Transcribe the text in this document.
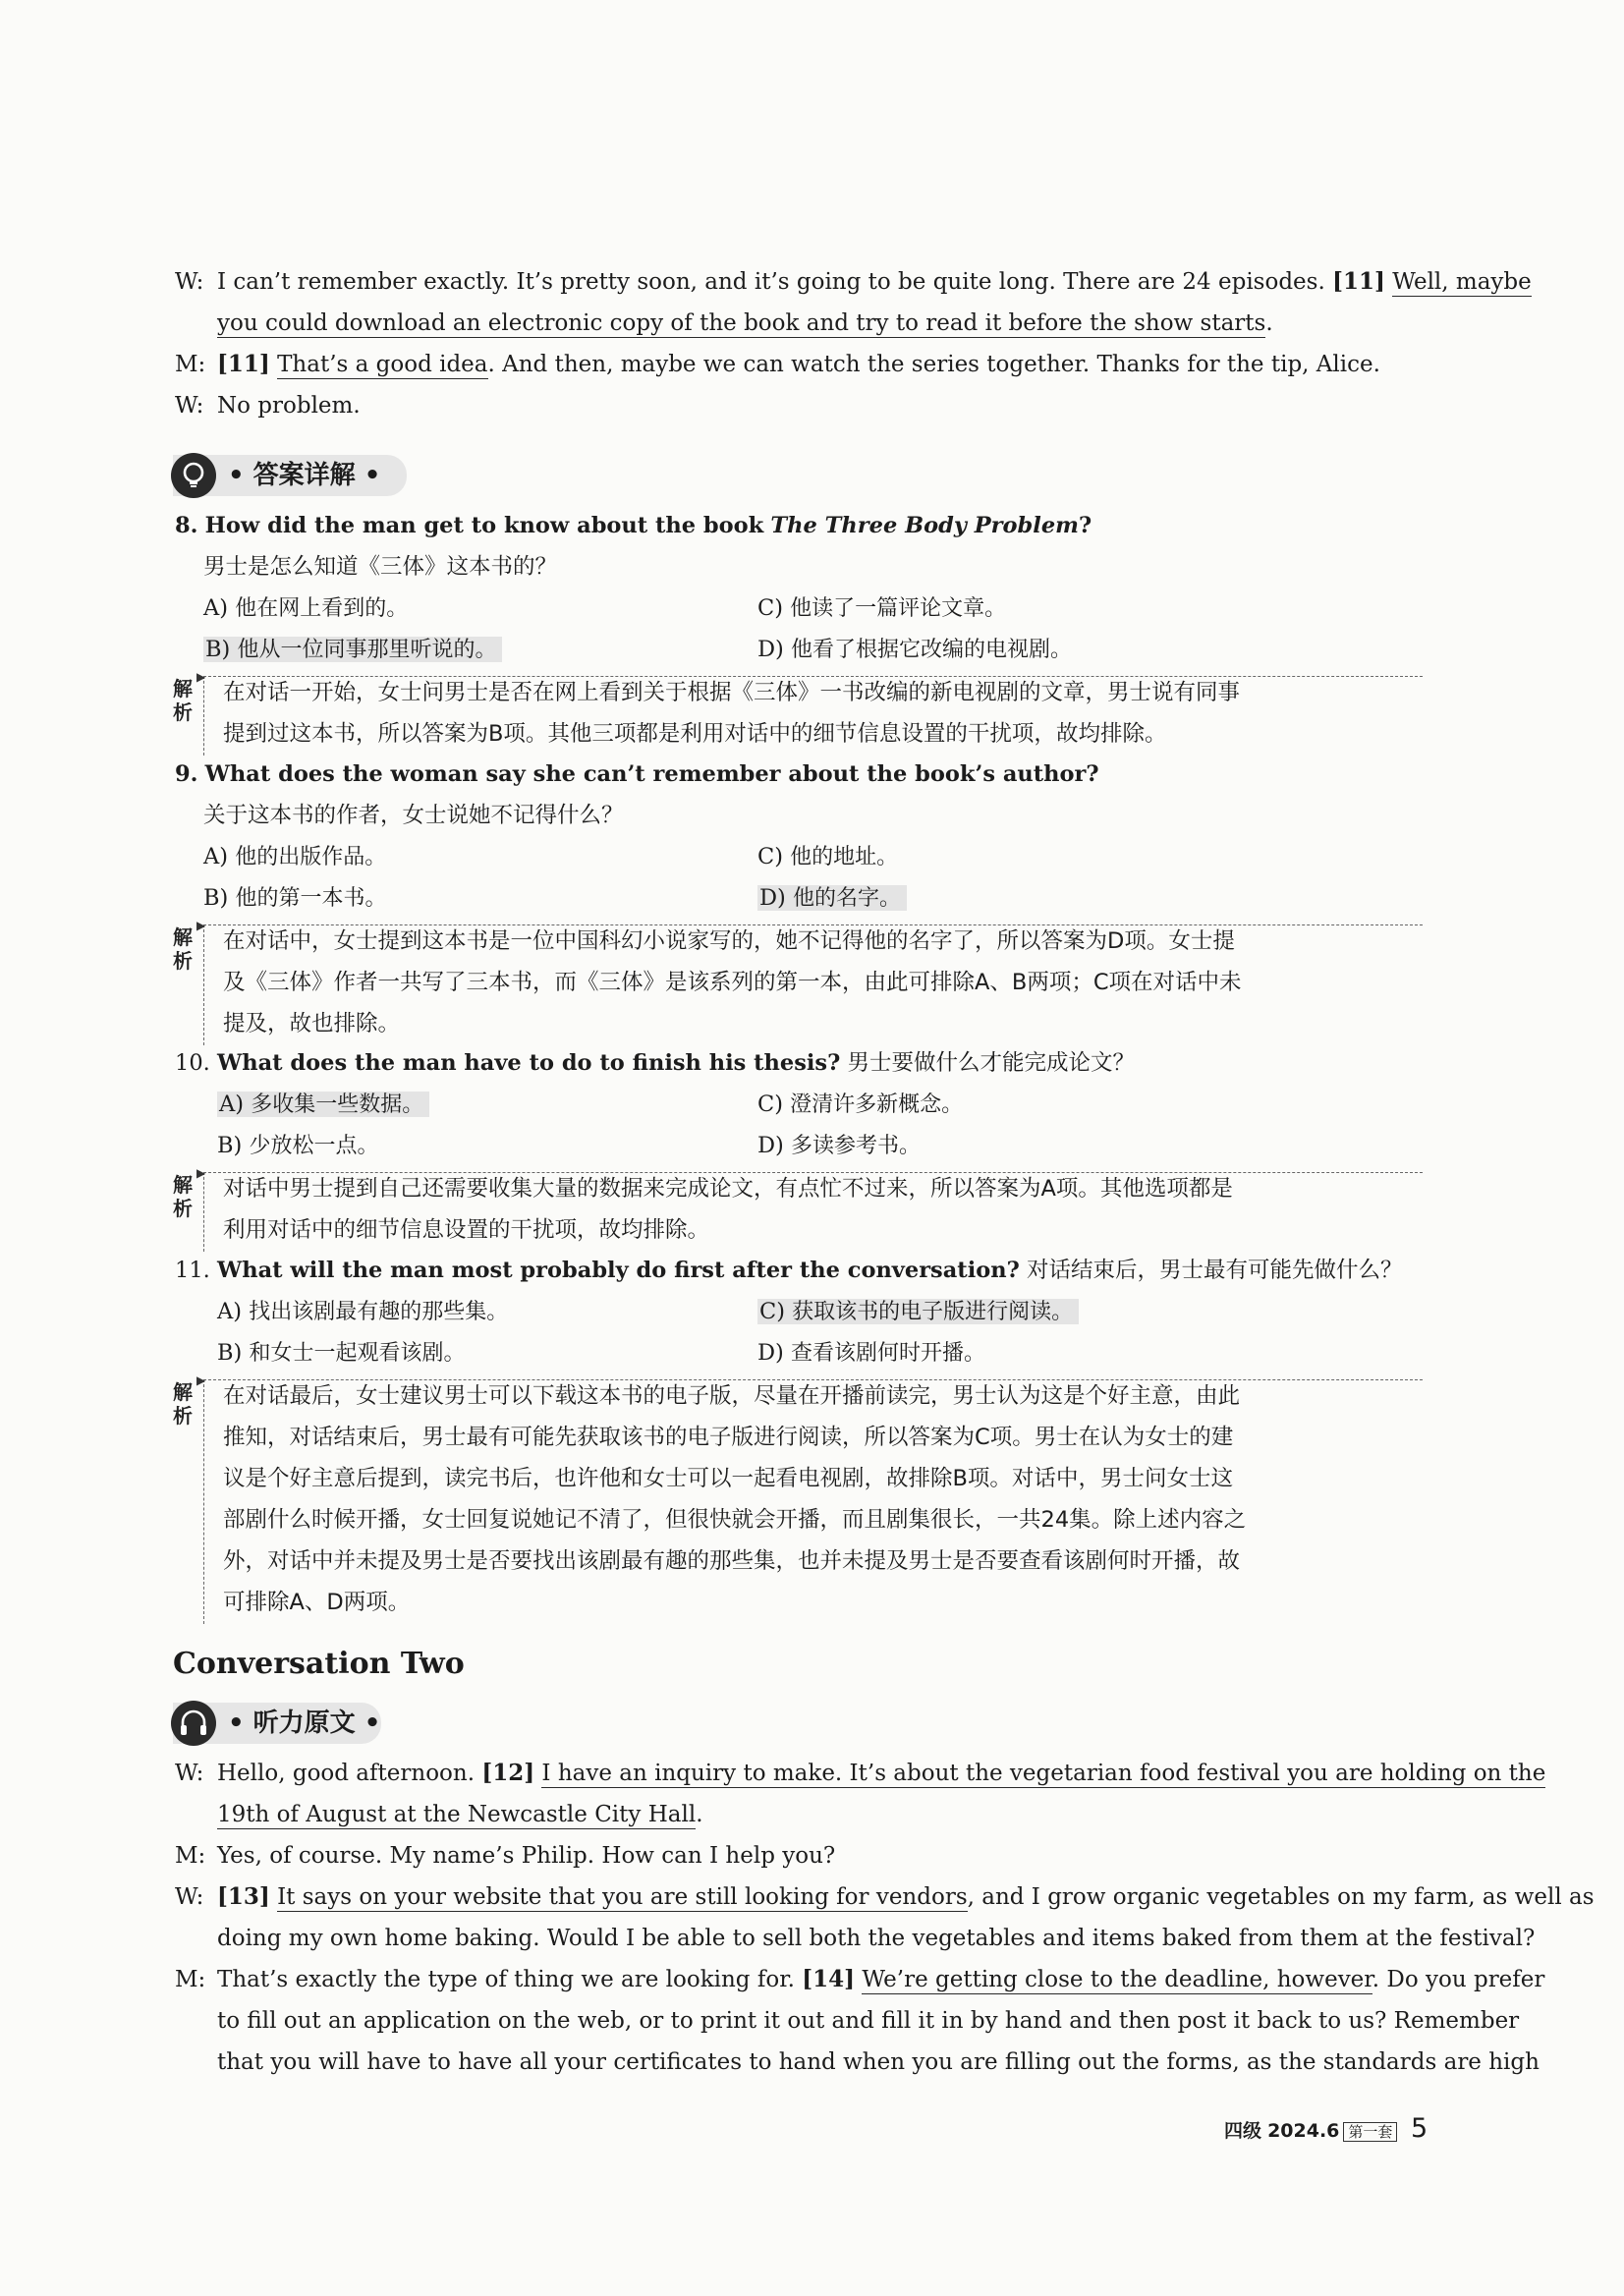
W: I can’t remember exactly. It’s pretty soon, and it’s going to be quite long. There are 24 episodes. [11] Well, maybe
you could download an electronic copy of the book and try to read it before the show starts.
M: [11] That’s a good idea. And then, maybe we can watch the series together. Thanks for the tip, Alice.
W: No problem.
• 答案详解 •
8. How did the man get to know about the book The Three Body Problem?
男士是怎么知道《三体》这本书的？
A) 他在网上看到的。	C) 他读了一篇评论文章。
B) 他从一位同事那里听说的。	D) 他看了根据它改编的电视剧。
解
析
▶
在对话一开始，女士问男士是否在网上看到关于根据《三体》一书改编的新电视剧的文章，男士说有同事
提到过这本书，所以答案为B项。其他三项都是利用对话中的细节信息设置的干扰项，故均排除。
9. What does the woman say she can’t remember about the book’s author?
关于这本书的作者，女士说她不记得什么？
A) 他的出版作品。	C) 他的地址。
B) 他的第一本书。	D) 他的名字。
解
析
▶
在对话中，女士提到这本书是一位中国科幻小说家写的，她不记得他的名字了，所以答案为D项。女士提
及《三体》作者一共写了三本书，而《三体》是该系列的第一本，由此可排除A、B两项；C项在对话中未
提及，故也排除。
10. What does the man have to do to finish his thesis? 男士要做什么才能完成论文？
A) 多收集一些数据。	C) 澄清许多新概念。
B) 少放松一点。	D) 多读参考书。
解
析
▶
对话中男士提到自己还需要收集大量的数据来完成论文，有点忙不过来，所以答案为A项。其他选项都是
利用对话中的细节信息设置的干扰项，故均排除。
11. What will the man most probably do first after the conversation? 对话结束后，男士最有可能先做什么？
A) 找出该剧最有趣的那些集。	C) 获取该书的电子版进行阅读。
B) 和女士一起观看该剧。	D) 查看该剧何时开播。
解
析
▶
在对话最后，女士建议男士可以下载这本书的电子版，尽量在开播前读完，男士认为这是个好主意，由此
推知，对话结束后，男士最有可能先获取该书的电子版进行阅读，所以答案为C项。男士在认为女士的建
议是个好主意后提到，读完书后，也许他和女士可以一起看电视剧，故排除B项。对话中，男士问女士这
部剧什么时候开播，女士回复说她记不清了，但很快就会开播，而且剧集很长，一共24集。除上述内容之
外，对话中并未提及男士是否要找出该剧最有趣的那些集，也并未提及男士是否要查看该剧何时开播，故
可排除A、D两项。
Conversation Two
• 听力原文 •
W: Hello, good afternoon. [12] I have an inquiry to make. It’s about the vegetarian food festival you are holding on the
19th of August at the Newcastle City Hall.
M: Yes, of course. My name’s Philip. How can I help you?
W: [13] It says on your website that you are still looking for vendors, and I grow organic vegetables on my farm, as well as
doing my own home baking. Would I be able to sell both the vegetables and items baked from them at the festival?
M: That’s exactly the type of thing we are looking for. [14] We’re getting close to the deadline, however. Do you prefer
to fill out an application on the web, or to print it out and fill it in by hand and then post it back to us? Remember
that you will have to have all your certificates to hand when you are filling out the forms, as the standards are high
四级 2024.6 第一套 5
